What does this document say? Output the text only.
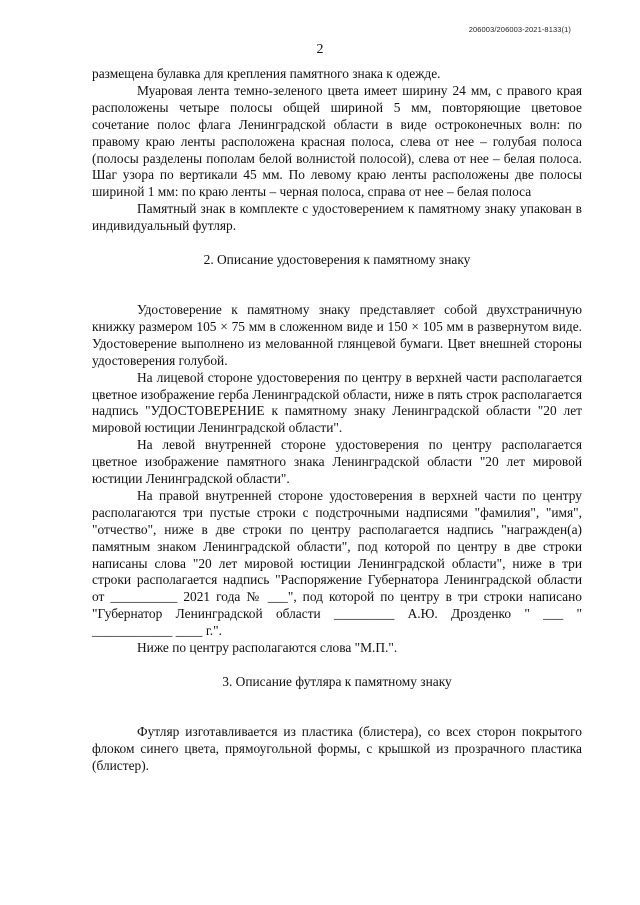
206003/206003-2021-8133(1)
2

размещена булавка для крепления памятного знака к одежде.

Муаровая лента темно-зеленого цвета имеет ширину 24 мм, с правого края расположены четыре полосы общей шириной 5 мм, повторяющие цветовое сочетание полос флага Ленинградской области в виде остроконечных волн: по правому краю ленты расположена красная полоса, слева от нее – голубая полоса (полосы разделены пополам белой волнистой полосой), слева от нее – белая полоса. Шаг узора по вертикали 45 мм. По левому краю ленты расположены две полосы шириной 1 мм: по краю ленты – черная полоса, справа от нее – белая полоса

Памятный знак в комплекте с удостоверением к памятному знаку упакован в индивидуальный футляр.

2. Описание удостоверения к памятному знаку

Удостоверение к памятному знаку представляет собой двухстраничную книжку размером 105 × 75 мм в сложенном виде и 150 × 105 мм в развернутом виде. Удостоверение выполнено из мелованной глянцевой бумаги. Цвет внешней стороны удостоверения голубой.

На лицевой стороне удостоверения по центру в верхней части располагается цветное изображение герба Ленинградской области, ниже в пять строк располагается надпись "УДОСТОВЕРЕНИЕ к памятному знаку Ленинградской области "20 лет мировой юстиции Ленинградской области".

На левой внутренней стороне удостоверения по центру располагается цветное изображение памятного знака Ленинградской области "20 лет мировой юстиции Ленинградской области".

На правой внутренней стороне удостоверения в верхней части по центру располагаются три пустые строки с подстрочными надписями "фамилия", "имя", "отчество", ниже в две строки по центру располагается надпись "награжден(а) памятным знаком Ленинградской области", под которой по центру в две строки написаны слова "20 лет мировой юстиции Ленинградской области", ниже в три строки располагается надпись "Распоряжение Губернатора Ленинградской области от __________ 2021 года № ___", под которой по центру в три строки написано "Губернатор Ленинградской области _________ А.Ю. Дрозденко " ___ " ____________ ____ г.".

Ниже по центру располагаются слова "М.П.".

3. Описание футляра к памятному знаку

Футляр изготавливается из пластика (блистера), со всех сторон покрытого флоком синего цвета, прямоугольной формы, с крышкой из прозрачного пластика (блистер).
